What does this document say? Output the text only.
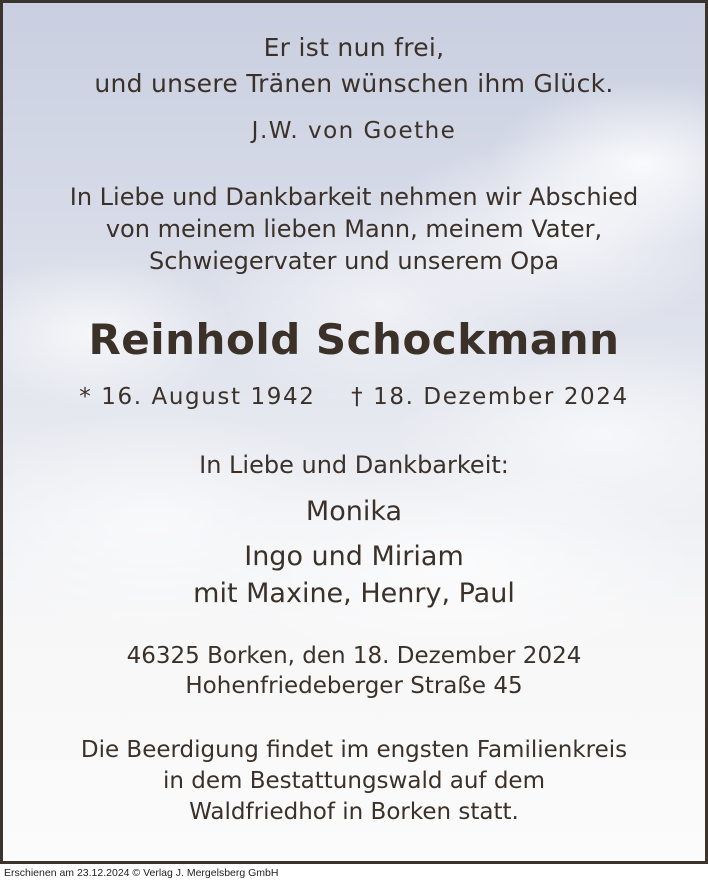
Er ist nun frei,
und unsere Tränen wünschen ihm Glück.
J.W. von Goethe
In Liebe und Dankbarkeit nehmen wir Abschied
von meinem lieben Mann, meinem Vater,
Schwiegervater und unserem Opa
Reinhold Schockmann
* 16. August 1942    † 18. Dezember 2024
In Liebe und Dankbarkeit:
Monika
Ingo und Miriam
mit Maxine, Henry, Paul
46325 Borken, den 18. Dezember 2024
Hohenfriedeberger Straße 45
Die Beerdigung findet im engsten Familienkreis
in dem Bestattungswald auf dem
Waldfriedhof in Borken statt.
Erschienen am 23.12.2024 © Verlag J. Mergelsberg GmbH
